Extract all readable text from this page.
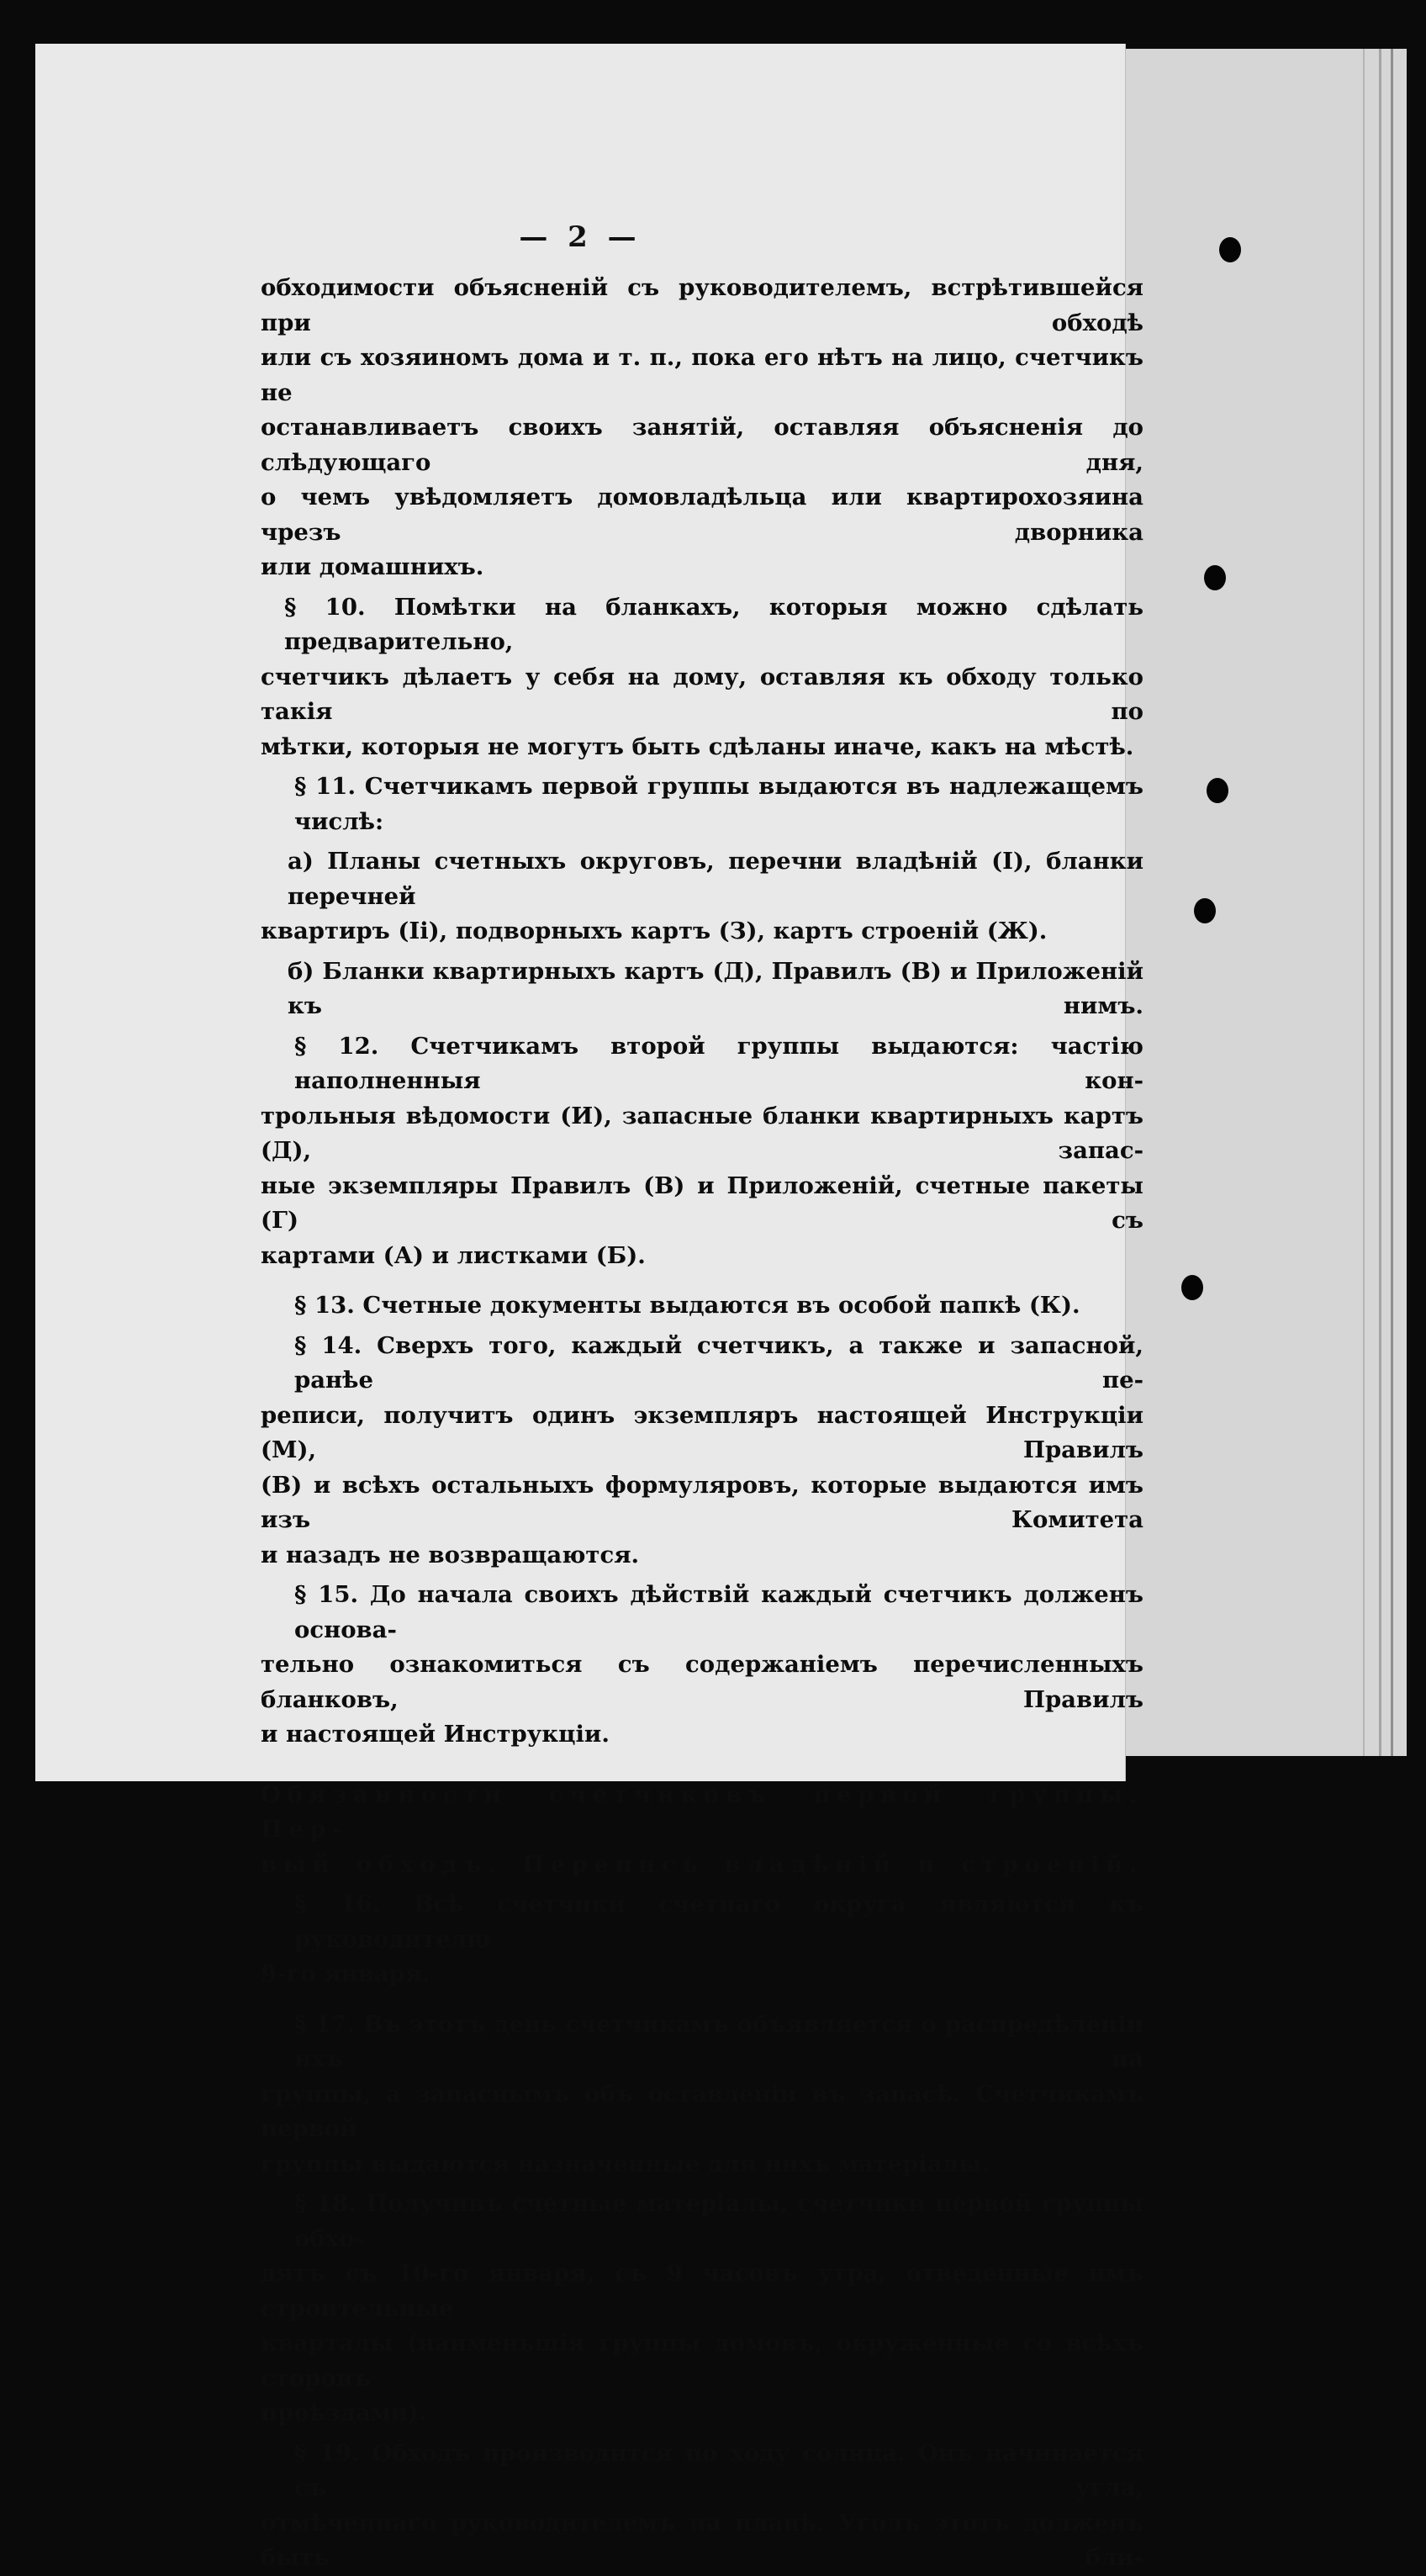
— 2 —
обходимости объясненій съ руководителемъ, встрѣтившейся при обходѣ
или съ хозяиномъ дома и т. п., пока его нѣтъ на лицо, счетчикъ не
останавливаетъ своихъ занятій, оставляя объясненія до слѣдующаго дня,
о чемъ увѣдомляетъ домовладѣльца или квартирохозяина чрезъ дворника
или домашнихъ.
§ 10. Помѣтки на бланкахъ, которыя можно сдѣлать предварительно,
счетчикъ дѣлаетъ у себя на дому, оставляя къ обходу только такія по
мѣтки, которыя не могутъ быть сдѣланы иначе, какъ на мѣстѣ.
§ 11. Счетчикамъ первой группы выдаются въ надлежащемъ числѣ:
а) Планы счетныхъ округовъ, перечни владѣній (І), бланки перечней
квартиръ (Іі), подворныхъ картъ (З), картъ строеній (Ж).
б) Бланки квартирныхъ картъ (Д), Правилъ (В) и Приложеній къ нимъ.
§ 12. Счетчикамъ второй группы выдаются: частію наполненныя кон-
трольныя вѣдомости (И), запасные бланки квартирныхъ картъ (Д), запас-
ные экземпляры Правилъ (В) и Приложеній, счетные пакеты (Г) съ
картами (А) и листками (Б).
§ 13. Счетные документы выдаются въ особой папкѣ (К).
§ 14. Сверхъ того, каждый счетчикъ, а также и запасной, ранѣе пе-
реписи, получитъ одинъ экземпляръ настоящей Инструкціи (М), Правилъ
(В) и всѣхъ остальныхъ формуляровъ, которые выдаются имъ изъ Комитета
и назадъ не возвращаются.
§ 15. До начала своихъ дѣйствій каждый счетчикъ долженъ основа-
тельно ознакомиться съ содержаніемъ перечисленныхъ бланковъ, Правилъ
и настоящей Инструкціи.
Обязанности счетчиковъ первой группы. Пер-
вый обходъ. Перепись владѣній и строеній.
§ 16. Всѣ счетчики счетнаго округа являются къ руководителю
9-го января.
§ 17. Въ этотъ день счетчикамъ объявляется о распредѣленіи ихъ на
группы, а запаснымъ объ оставленіи въ запасѣ. Счетчикамъ первой
группы выдаются назначенные для нихъ матеріалы.
§ 18. Получивъ счетные матеріалы, счетчики первой группы обхо-
дятъ съ 10-го января, съ 9 часовъ утра, отведенные имъ строительные
кварталы (наименьшія группы домовъ, окруженные со всѣхъ сторонъ
проѣздами).
§ 19. Обходъ производится по ходу солнца. Онъ начинается съ угла,
отмѣченнаго руководителемъ на планѣ. Уголъ этотъ долженъ быть бли-
